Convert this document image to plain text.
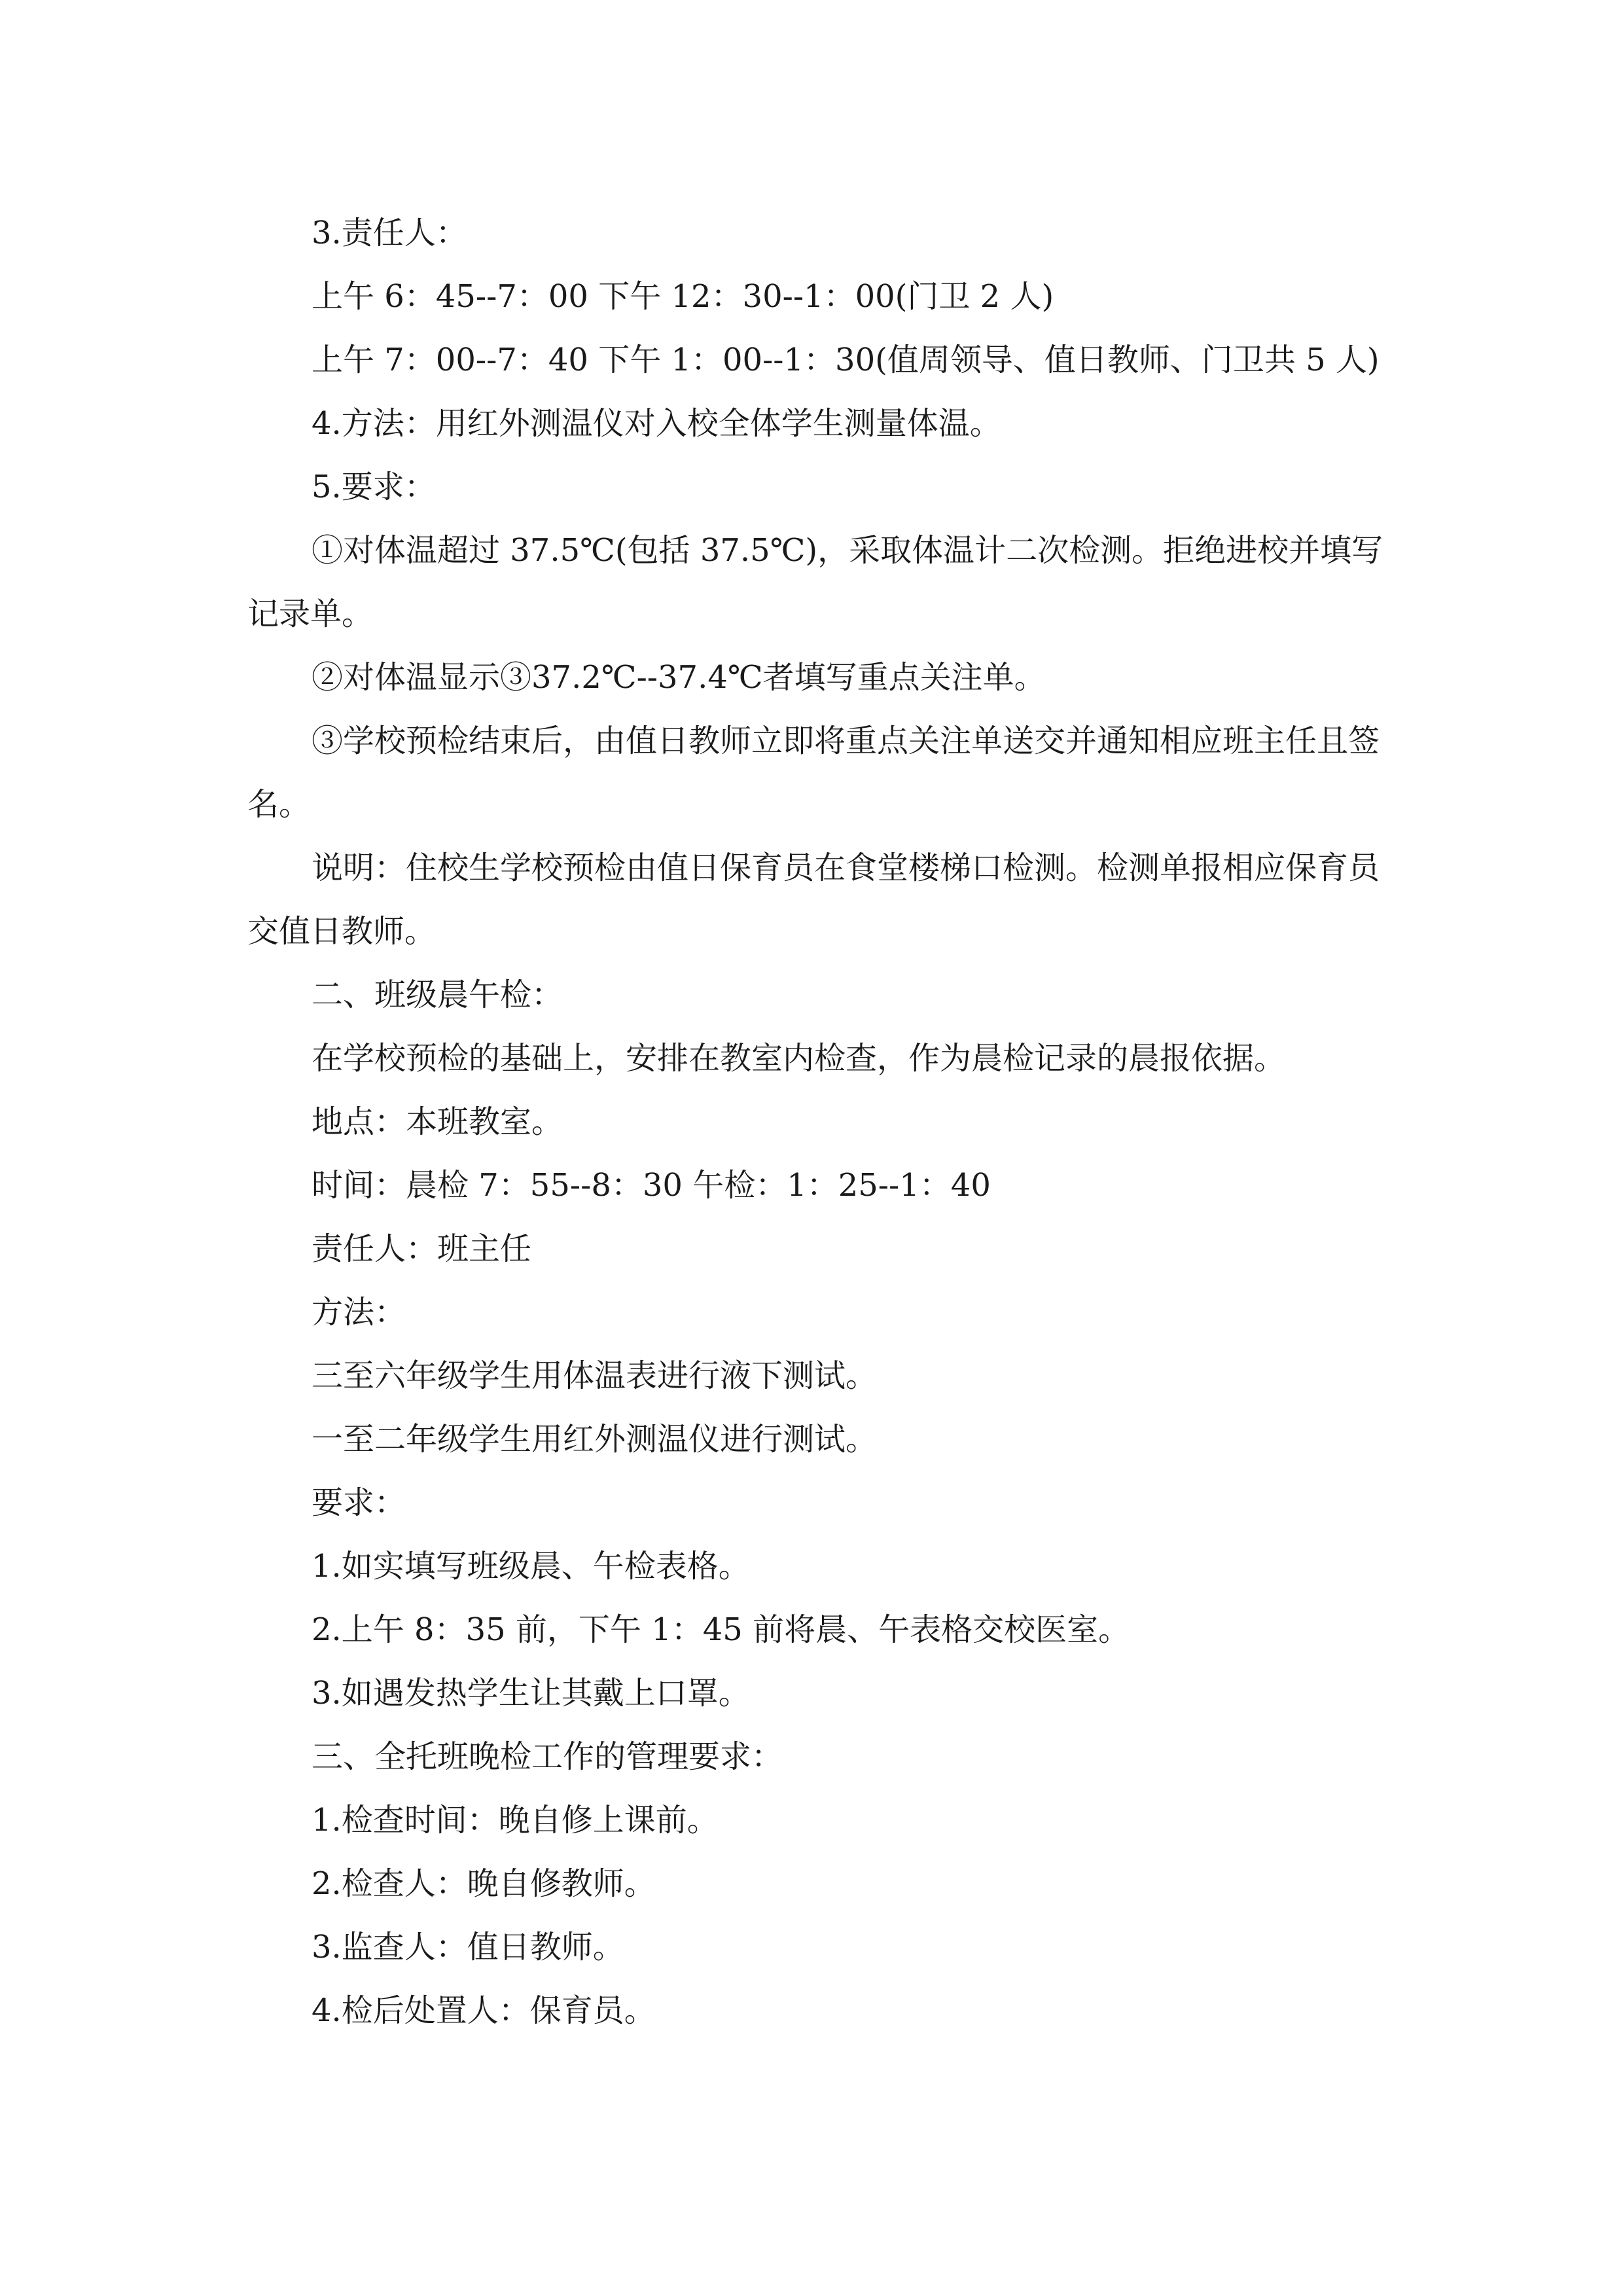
3.责任人：

上午 6：45--7：00 下午 12：30--1：00(门卫 2 人)

上午 7：00--7：40 下午 1：00--1：30(值周领导、值日教师、门卫共 5 人)

4.方法：用红外测温仪对入校全体学生测量体温。

5.要求：

①对体温超过 37.5℃(包括 37.5℃)，采取体温计二次检测。拒绝进校并填写记录单。

②对体温显示③37.2℃--37.4℃者填写重点关注单。

③学校预检结束后，由值日教师立即将重点关注单送交并通知相应班主任且签名。

说明：住校生学校预检由值日保育员在食堂楼梯口检测。检测单报相应保育员交值日教师。

二、班级晨午检：

在学校预检的基础上，安排在教室内检查，作为晨检记录的晨报依据。

地点：本班教室。

时间：晨检 7：55--8：30 午检：1：25--1：40

责任人：班主任

方法：

三至六年级学生用体温表进行液下测试。

一至二年级学生用红外测温仪进行测试。

要求：

1.如实填写班级晨、午检表格。

2.上午 8：35 前，下午 1：45 前将晨、午表格交校医室。

3.如遇发热学生让其戴上口罩。

三、全托班晚检工作的管理要求：

1.检查时间：晚自修上课前。

2.检查人：晚自修教师。

3.监查人：值日教师。

4.检后处置人：保育员。
